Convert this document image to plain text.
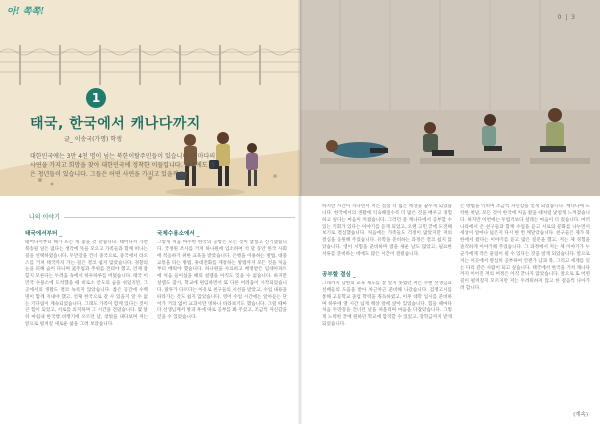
아! 쪽쪽!
1
태국, 한국에서 캐나다까지
글_ 이송국(가명) 학생
대한민국에는 3만 4천 명이 넘는 북한이탈주민들이 있습니다. 저마다의 사연을 가지고 희망을 찾아 대한민국에 정착한 이들입니다. 해송에도 많은 청년들이 있습니다. 그들은 어떤 사연을 가지고 있을까요?
나의 이야기
태국에서부터 _
태어나서부터 해가 뜨는 게 좋을 것 같습니다. 태어나서 가면 북송될 일은 없다는 생각에 뜻을 모으고 가족들과 함께 떠나는 길을 선택하였습니다. 두만강을 건너 중국으로, 중국에서 라오스를 거쳐 태국까지 가는 길은 결코 쉽지 않았습니다. 경찰의 눈을 피해 숨어 다니며 굶주림과 추위를 견뎌야 했고, 언제 잡힐지 모른다는 두려움 속에서 하루하루를 버텼습니다. 태국 이민국 수용소에 도착했을 때 비로소 안도의 숨을 쉬었지만, 그곳에서의 생활도 결코 녹록지 않았습니다. 좁은 공간에 수백 명이 함께 지내야 했고, 언제 한국으로 갈 수 있을지 알 수 없는 기다림이 계속되었습니다. 그래도 가족이 함께 있다는 것이 큰 힘이 되었고, 서로를 의지하며 그 시간을 견뎠습니다. 몇 달 뒤 마침내 한국행 비행기에 오르던 날, 창밖을 내다보며 저는 앞으로 펼쳐질 새로운 삶을 그려 보았습니다.
국제수용소에서 _
그렇게 처음 마주한 한국의 공항은 모든 것이 낯설고 신기했습니다. 국정원 조사를 거쳐 하나원에 입소하여 석 달 동안 한국 사회에 적응하기 위한 교육을 받았습니다. 은행을 이용하는 방법, 대중교통을 타는 방법, 휴대전화를 개통하는 방법까지 모든 것을 처음부터 배워야 했습니다. 하나원을 수료하고 배정받은 임대아파트에 처음 들어섰을 때의 설렘을 아직도 잊을 수 없습니다. 하지만 설렘도 잠시, 학교에 편입하면서 또 다른 어려움이 시작되었습니다. 말투가 다르다는 이유로 친구들의 시선을 받았고, 수업 내용을 따라가는 것도 쉽지 않았습니다. 영어 수업 시간에는 알아듣는 단어가 거의 없어 교과서만 멍하니 바라보기도 했습니다. 그럴 때마다 선생님께서 방과 후에 따로 공부를 봐 주셨고, 조금씩 자신감을 얻을 수 있었습니다.
0 | 3
하지만 시간이 지나면서 저는 점점 더 넓은 세상을 꿈꾸게 되었습니다. 한국에서의 생활에 익숙해질수록 더 많은 것을 배우고 경험하고 싶다는 마음이 커졌습니다. 그러던 중 캐나다에서 공부할 수 있는 기회가 있다는 이야기를 듣게 되었고, 오랜 고민 끝에 도전해 보기로 결심했습니다. 처음에는 가족들도 걱정이 많았지만 저의 결심을 응원해 주었습니다. 유학을 준비하는 과정은 결코 쉽지 않았습니다. 영어 시험을 준비하며 밤을 새운 날도 많았고, 필요한 서류를 준비하는 데에도 많은 시간이 걸렸습니다.
공부할 결심 _
그래까지 남한의 교육 제도를 잘 알지 못했던 저는 주변 선생님과 선배들의 도움을 받아 차근차근 준비해 나갔습니다. 검정고시를 통해 고등학교 졸업 학력을 취득하였고, 이후 대학 입시를 준비하며 하루에 열 시간 넘게 책상 앞에 앉아 있었습니다. 힘들 때마다 처음 두만강을 건너던 날을 떠올리며 마음을 다잡았습니다. 그렇게 노력한 끝에 원하던 학교에 합격할 수 있었고, 장학금까지 받게 되었습니다.
는 방법을 익히며 조금씩 자신감을 얻게 되었습니다. 캐나다에 도착한 첫날, 모든 것이 한국에 처음 왔을 때처럼 낯설게 느껴졌습니다. 하지만 이번에는 두렵기보다 설레는 마음이 더 컸습니다. 여러 나라에서 온 친구들과 함께 수업을 듣고 서로의 문화를 나누면서 세상이 얼마나 넓은지 다시 한 번 깨달았습니다. 친구들은 제가 북한에서 왔다는 이야기를 듣고 많은 질문을 했고, 저는 제 경험을 솔직하게 이야기해 주었습니다. 그 과정에서 저는 제 이야기가 누군가에게 작은 울림이 될 수 있다는 것을 알게 되었습니다. 앞으로 저는 이곳에서 열심히 공부하여 언젠가 남과 북, 그리고 세계를 잇는 다리 같은 사람이 되고 싶습니다. 태국에서 한국을 거쳐 캐나다까지 이어진 저의 여정은 아직 끝나지 않았습니다. 앞으로 또 어떤 길이 펼쳐질지 모르지만 저는 두려워하지 않고 한 걸음씩 나아가려 합니다.
(계속)
